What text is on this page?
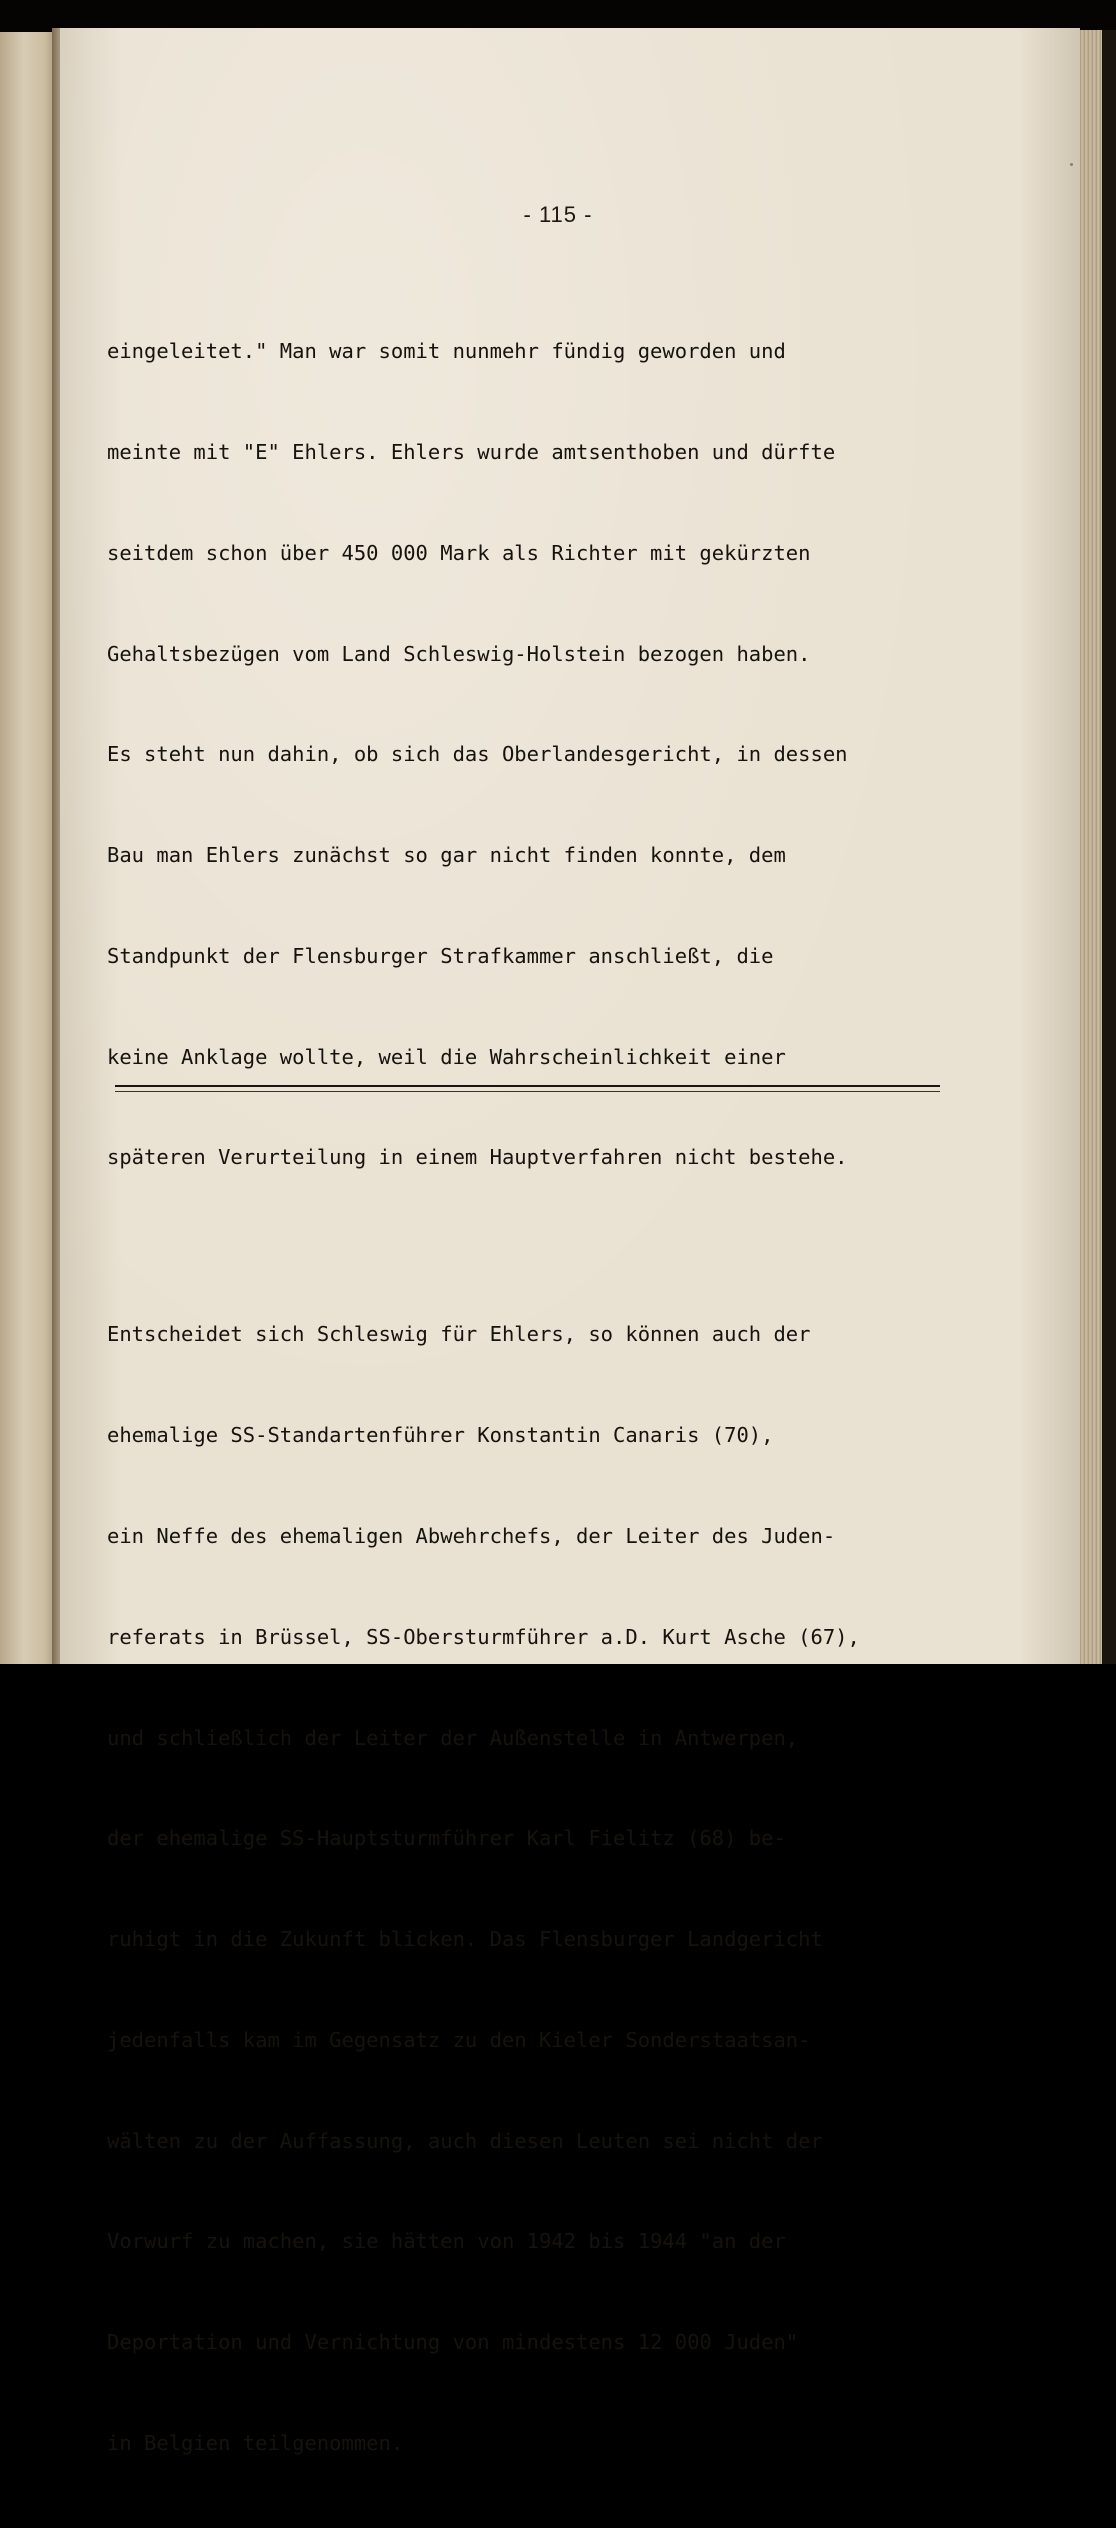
- 115 -

eingeleitet." Man war somit nunmehr fündig geworden und

meinte mit "E" Ehlers. Ehlers wurde amtsenthoben und dürfte

seitdem schon über 450 000 Mark als Richter mit gekürzten

Gehaltsbezügen vom Land Schleswig-Holstein bezogen haben.

Es steht nun dahin, ob sich das Oberlandesgericht, in dessen

Bau man Ehlers zunächst so gar nicht finden konnte, dem

Standpunkt der Flensburger Strafkammer anschließt, die

keine Anklage wollte, weil die Wahrscheinlichkeit einer

späteren Verurteilung in einem Hauptverfahren nicht bestehe.

Entscheidet sich Schleswig für Ehlers, so können auch der

ehemalige SS-Standartenführer Konstantin Canaris (70),

ein Neffe des ehemaligen Abwehrchefs, der Leiter des Juden-

referats in Brüssel, SS-Obersturmführer a.D. Kurt Asche (67),

und schließlich der Leiter der Außenstelle in Antwerpen,

der ehemalige SS-Hauptsturmführer Karl Fielitz (68) be-

ruhigt in die Zukunft blicken. Das Flensburger Landgericht

jedenfalls kam im Gegensatz zu den Kieler Sonderstaatsan-

wälten zu der Auffassung, auch diesen Leuten sei nicht der

Vorwurf zu machen, sie hätten von 1942 bis 1944 "an der

Deportation und Vernichtung von mindestens 12 000 Juden"

in Belgien teilgenommen.
